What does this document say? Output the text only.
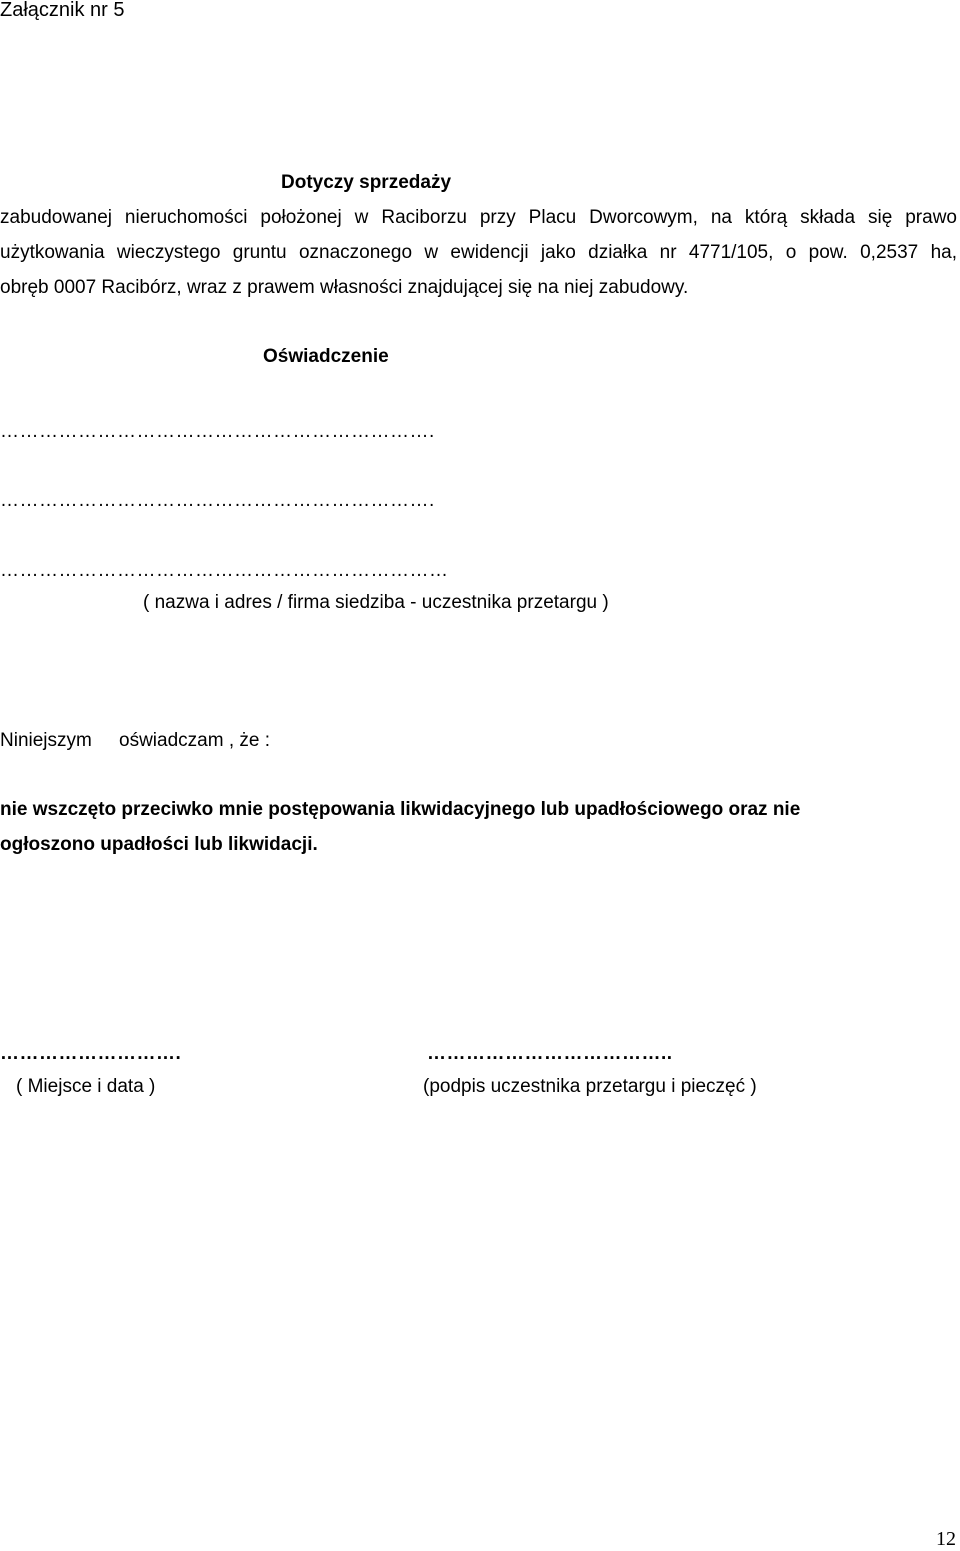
Załącznik nr 5
Dotyczy sprzedaży
zabudowanej nieruchomości położonej w Raciborzu przy Placu Dworcowym, na którą składa się prawo
użytkowania wieczystego gruntu oznaczonego w ewidencji jako działka nr 4771/105, o pow. 0,2537 ha,
obręb 0007 Racibórz, wraz z prawem własności znajdującej się na niej zabudowy.
Oświadczenie
………………………………………………………….
………………………………………………………….
……………………………………………………………
( nazwa i adres / firma siedziba - uczestnika przetargu )
Niniejszym oświadczam , że :
nie wszczęto przeciwko mnie postępowania likwidacyjnego lub upadłościowego oraz nie
ogłoszono upadłości lub likwidacji.
……………………….
( Miejsce i data )
………………………………..
(podpis uczestnika przetargu i pieczęć )
12
